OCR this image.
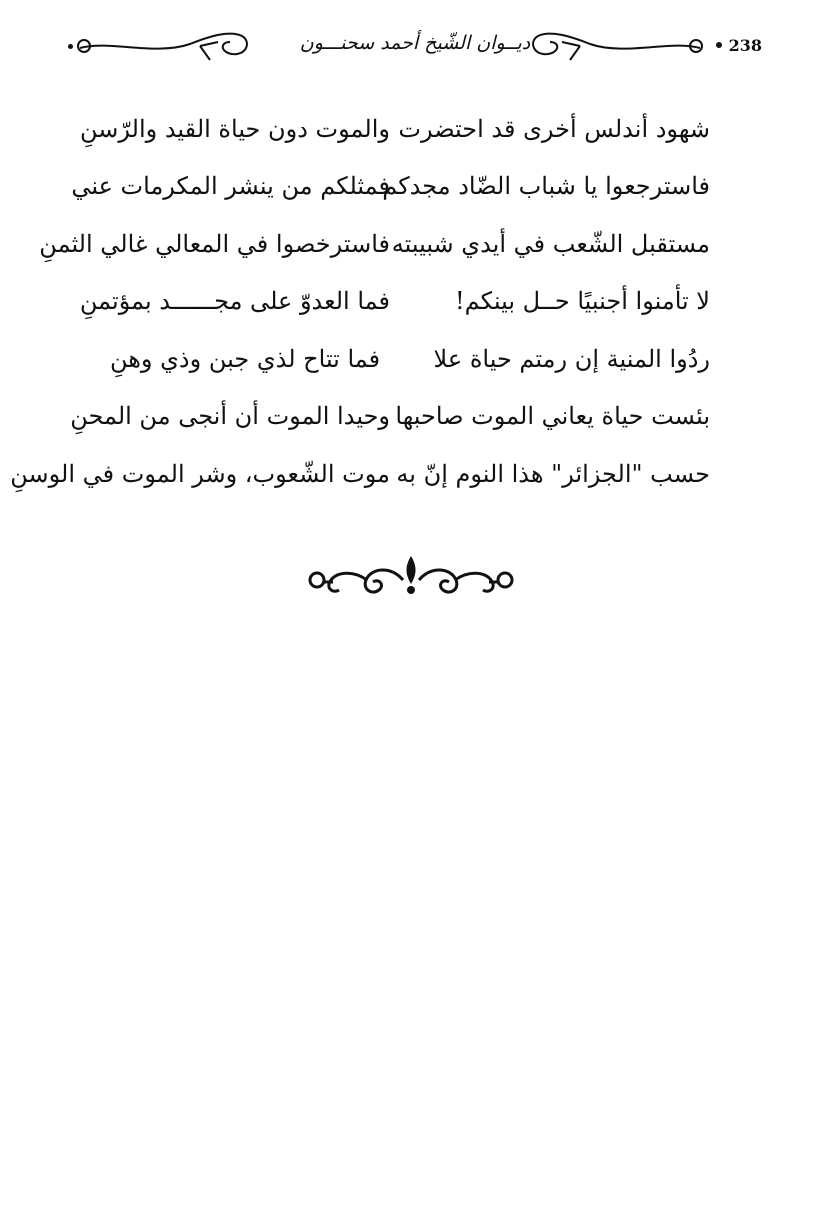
ديــوان الشّيخ أحمد سحنـــون	238
شهود أندلس أخرى قد احتضرت
والموت دون حياة القيد والرّسنِ
فاسترجعوا يا شباب الضّاد مجدكم
فمثلكم من ينشر المكرمات عني
مستقبل الشّعب في أيدي شبيبته
فاسترخصوا في المعالي غالي الثمنِ
لا تأمنوا أجنبيًا حــل بينكم!
فما العدوّ على مجــــــد بمؤتمنِ
ردُوا المنية إن رمتم حياة علا
فما تتاح لذي جبن وذي وهنِ
بئست حياة يعاني الموت صاحبها
وحيدا الموت أن أنجى من المحنِ
حسب "الجزائر" هذا النوم إنّ به
موت الشّعوب، وشر الموت في الوسنِ
